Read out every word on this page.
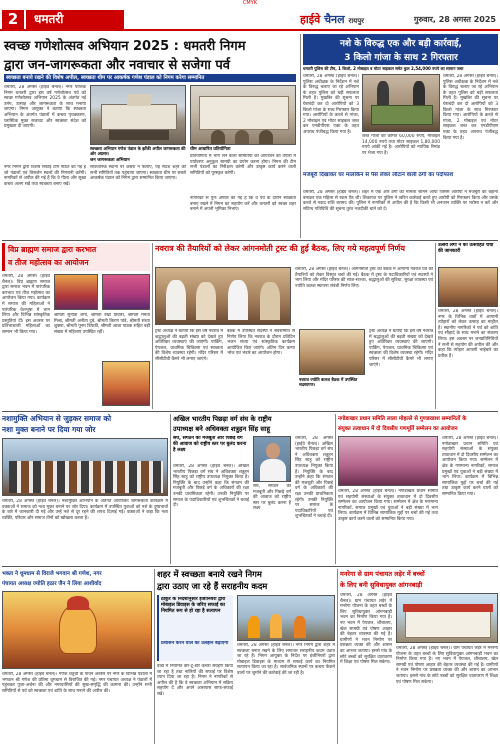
CMYK
2	धमतरी	हाईवे चैनल रायपुर	गुरुवार, 28 अगस्त 2025
स्वच्छ गणेशोत्सव अभियान 2025 : धमतरी निगम
द्वारा जन-जागरूकता और नवाचार से सजेगा पर्व
स्वच्छता बनाये रखने की विशेष अपील, स्वच्छता थीम पर आकर्षक गणेश पंडाल को निगम करेगा सम्मानित
धमतरी, 28 अगस्त (हाईवे चैनल)। नगर पालिक निगम धमतरी द्वारा इस वर्ष गणेशोत्सव पर्व को स्वच्छ गणेशोत्सव अभियान 2025 के अंतर्गत नई उमंग, उत्साह और जागरूकता के साथ मनाया जाएगा। निगम आयुक्त ने बताया कि स्वच्छता अभियान के अंतर्गत पंडालों में कचरा पृथक्करण, प्लास्टिक मुक्त सजावट और स्वच्छता संदेश को प्रमुखता दी जाएगी।
नगर निगम द्वारा विशेष सफाई टीमें गठित की गई हैं जो पंडालों एवं विसर्जन स्थलों की निगरानी करेंगी। नागरिकों से अपील की गई है कि वे गीला और सूखा कचरा अलग रखें तथा स्वच्छता बनाए रखें।
स्वच्छता अभियान गणेश पंडाल के झाँकी अपील जागरूकता की ओर अग्रसर।
जन जागरूकता अभियान
सार्वजनिक स्थानों पर कचरा न फैलाएं, यह संदेश शहर की सभी समितियों तक पहुंचाया जाएगा। स्वच्छता थीम पर सबसे आकर्षक पंडाल को निगम द्वारा सम्मानित किया जाएगा।
थीम आधारित प्रतियोगिता
प्रतियोगिता में भाग लेने वाली समितियों को आयोजन की तैयारी में पर्यावरण अनुकूल सामग्री का प्रयोग करना होगा। निगम की टीम सभी पंडालों का निरीक्षण करेगी और उत्कृष्ट कार्य करने वाली समितियों को पुरस्कृत करेगी।
नागरिकों से पुनः अपील की गई है कि वे पर्व के दौरान स्वच्छता बनाए रखने में निगम का सहयोग करें और धमतरी को स्वच्छ शहर बनाने में अपनी भूमिका निभाएं।
नशे के विरुद्ध एक और बड़ी कार्रवाई,
3 किलो गांजा के साथ 2 गिरफ्तार
धमतरी पुलिस की टीम, 1 किलो, 2 मोबाइल व मोटर साइकल समेत कुल 2,54,000 रुपये का सामान जब्त
धमतरी, 28 अगस्त (हाईवे चैनल)। पुलिस अधीक्षक के निर्देशन में नशे के विरुद्ध चलाए जा रहे अभियान के तहत पुलिस को बड़ी सफलता मिली है। मुखबिर की सूचना पर घेराबंदी कर दो आरोपियों को 3 किलो गांजा के साथ गिरफ्तार किया गया। आरोपियों के कब्जे से गांजा, 2 मोबाइल एवं मोटर साइकल जब्त कर एनडीपीएस एक्ट के तहत अपराध पंजीबद्ध किया गया है।
जब्त गांजा की कीमत 60,000 रुपये, मोबाइल 14,000 रुपये तथा मोटर साइकल 1,80,000 रुपये आंकी गई है। आरोपियों को न्यायिक रिमांड पर भेजा गया है।
धमतरी, 28 अगस्त (हाईवे चैनल)। पुलिस अधीक्षक के निर्देशन में नशे के विरुद्ध चलाए जा रहे अभियान के तहत पुलिस को बड़ी सफलता मिली है। मुखबिर की सूचना पर घेराबंदी कर दो आरोपियों को 3 किलो गांजा के साथ गिरफ्तार किया गया। आरोपियों के कब्जे से गांजा, 2 मोबाइल एवं मोटर साइकल जब्त कर एनडीपीएस एक्ट के तहत अपराध पंजीबद्ध किया गया है।
मजबूरी दिखाकर घर मालकिन से पैसे लेकर लौटाने वाली ठगी का पर्दाफाश
धमतरी, 28 अगस्त (हाईवे चैनल)। शहर में एक और ठगी का मामला सामने आया जिसमें आरोपी ने मजबूरी का बहाना बनाकर एक महिला से रकम ऐंठ ली। शिकायत पर पुलिस ने त्वरित कार्रवाई करते हुए आरोपी को गिरफ्तार किया और उसके कब्जे से नकद राशि बरामद की। पुलिस ने नागरिकों से अपील की है कि किसी भी अनजान व्यक्ति पर भरोसा न करें और संदिग्ध गतिविधि की सूचना तुरंत नजदीकी थाने को दें।
विप्र ब्राह्मण समाज द्वारा करभात
व तीज महोत्सव का आयोजन
धमतरी, 28 अगस्त (हाईवे चैनल)। विप्र ब्राह्मण समाज द्वारा समाज भवन में पारंपरिक करभात एवं तीज महोत्सव का आयोजन किया गया। कार्यक्रम में समाज की महिलाओं ने पारंपरिक वेशभूषा में भाग लिया और विभिन्न सांस्कृतिक प्रस्तुतियां दीं। इस अवसर पर प्रतिभाशाली महिलाओं का सम्मान भी किया गया।
श्रीमती सुनीता शर्मा, श्रीमती रेखा तिवारी, श्रीमती ममता मिश्रा, श्रीमती अनीता दुबे, श्रीमती किरण पांडे, श्रीमती संध्या शुक्ला, श्रीमती पूनम त्रिपाठी, श्रीमती आशा पाठक सहित बड़ी संख्या में महिलाएं उपस्थित रहीं।
नवरात्र की तैयारियों को लेकर आंगनमोती ट्रस्ट की हुई बैठक, लिए गये महत्वपूर्ण निर्णय
धमतरी, 28 अगस्त (हाईवे चैनल)। आंगनमोती ट्रस्ट की बैठक में आगामी नवरात्र पर्व की तैयारियों को लेकर विस्तृत चर्चा की गई। बैठक में ट्रस्ट के पदाधिकारियों एवं सदस्यों ने भाग लिया और मंदिर परिसर की साज-सज्जा, श्रद्धालुओं की सुविधा, सुरक्षा व्यवस्था एवं ज्योति कलश स्थापना संबंधी निर्णय लिए।
ट्रस्ट अध्यक्ष ने बताया कि इस वर्ष नवरात्र में श्रद्धालुओं की बढ़ती संख्या को देखते हुए अतिरिक्त व्यवस्थाएं की जाएंगी। पार्किंग, पेयजल, प्राथमिक चिकित्सा एवं स्वच्छता की विशेष व्यवस्था रहेगी। मंदिर परिसर में सीसीटीवी कैमरे भी लगाए जाएंगे।
बैठक में उपस्थित सदस्यों ने सर्वसम्मति से निर्णय लिया कि नवरात्र के दौरान प्रतिदिन भजन संध्या एवं सांस्कृतिक कार्यक्रम आयोजित किए जाएंगे। अंतिम दिन कन्या भोज एवं भंडारे का आयोजन होगा।
नवरात्र ज्योति कलश बैठक में उपस्थित सदस्यगण।
ट्रस्ट अध्यक्ष ने बताया कि इस वर्ष नवरात्र में श्रद्धालुओं की बढ़ती संख्या को देखते हुए अतिरिक्त व्यवस्थाएं की जाएंगी। पार्किंग, पेयजल, प्राथमिक चिकित्सा एवं स्वच्छता की विशेष व्यवस्था रहेगी। मंदिर परिसर में सीसीटीवी कैमरे भी लगाए जाएंगे।
उत्सव लेगों ने की उत्साहित चर्चा की जानकारी
धमतरी, 28 अगस्त (हाईवे चैनल)। नगर के विभिन्न वार्डों में आगामी त्योहारों को लेकर उत्साह का माहौल है। स्थानीय नागरिकों ने पर्व को शांति एवं सौहार्द के साथ मनाने का संकल्प लिया। इस अवसर पर जनप्रतिनिधियों ने सभी से सहयोग की अपील की और कहा कि त्योहार आपसी भाईचारे का प्रतीक हैं।
नशामुक्ति अभियान से जुड़कर समाज को
नशा मुक्त बनाने पर दिया गया जोर
धमतरी, 28 अगस्त (हाईवे चैनल)। नशामुक्ति अभियान के अंतर्गत आयोजित जागरूकता कार्यक्रम में वक्ताओं ने समाज को नशा मुक्त बनाने पर जोर दिया। कार्यक्रम में उपस्थित युवाओं को नशे के दुष्प्रभावों के बारे में जानकारी दी गई और उन्हें नशे से दूर रहने की शपथ दिलाई गई। वक्ताओं ने कहा कि नशा व्यक्ति, परिवार और समाज तीनों को खोखला करता है।
अखिल भारतीय पिछड़ा वर्ग संघ के राष्ट्रीय
उपाध्यक्ष बने अधिवक्ता शत्रुहन सिंह साहू
संघ, संगठन की मजबूती और पिछड़े वर्ग की आवाज को राष्ट्रीय स्तर पर बुलंद करना है लक्ष्य
धमतरी, 28 अगस्त (हाईवे चैनल)। अखिल भारतीय पिछड़ा वर्ग संघ ने अधिवक्ता शत्रुहन सिंह साहू को राष्ट्रीय उपाध्यक्ष नियुक्त किया है। नियुक्ति के बाद उन्होंने कहा कि संगठन की मजबूती और पिछड़े वर्ग के अधिकारों की रक्षा उनकी प्राथमिकता रहेगी। उनकी नियुक्ति पर समाज के पदाधिकारियों एवं शुभचिंतकों ने बधाई दी।
धमतरी, 28 अगस्त (हाईवे चैनल)। अखिल भारतीय पिछड़ा वर्ग संघ ने अधिवक्ता शत्रुहन सिंह साहू को राष्ट्रीय उपाध्यक्ष नियुक्त किया है। नियुक्ति के बाद उन्होंने कहा कि संगठन की मजबूती और पिछड़े वर्ग के अधिकारों की रक्षा उनकी प्राथमिकता रहेगी। उनकी नियुक्ति पर समाज के पदाधिकारियों एवं शुभचिंतकों ने बधाई दी।
संघ, संगठन की मजबूती और पिछड़े वर्ग की आवाज को राष्ट्रीय स्तर पर बुलंद करना है लक्ष्य
नगोडाखार प्रधान समिति लाला मोहल्ले से गुणडरडाश सम्मानितों के
संयुक्त तत्वाधान में दो दिवसीय गणमूर्ति सम्मेलन का आयोजन
धमतरी, 28 अगस्त (हाईवे चैनल)। नगोडाखार प्रधान समिति एवं सहयोगी संस्थाओं के संयुक्त तत्वाधान में दो दिवसीय सम्मेलन का आयोजन किया गया। सम्मेलन में क्षेत्र के गणमान्य नागरिकों, समाज प्रमुखों एवं युवाओं ने बड़ी संख्या में भाग लिया। कार्यक्रम में विभिन्न सामाजिक मुद्दों पर चर्चा की गई तथा उत्कृष्ट कार्य करने वालों को सम्मानित किया गया।
धमतरी, 28 अगस्त (हाईवे चैनल)। नगोडाखार प्रधान समिति एवं सहयोगी संस्थाओं के संयुक्त तत्वाधान में दो दिवसीय सम्मेलन का आयोजन किया गया। सम्मेलन में क्षेत्र के गणमान्य नागरिकों, समाज प्रमुखों एवं युवाओं ने बड़ी संख्या में भाग लिया। कार्यक्रम में विभिन्न सामाजिक मुद्दों पर चर्चा की गई तथा उत्कृष्ट कार्य करने वालों को सम्मानित किया गया।
भक्ता ने धूमधाम से विराजे भगवान श्री गणेश, नगर
पंचायत अध्यक्ष ज्योति हठार जैन ने लिया आशीर्वाद
धमतरी, 28 अगस्त (हाईवे चैनल)। गणेश चतुर्थी के पावन अवसर पर नगर के विभिन्न पंडालों में भगवान श्री गणेश की प्रतिमा धूमधाम से विराजित की गई। नगर पंचायत अध्यक्ष ने पंडालों में पहुंचकर पूजा-अर्चना की और नगरवासियों की सुख-समृद्धि की कामना की। उन्होंने सभी समितियों से पर्व को स्वच्छता एवं शांति के साथ मनाने की अपील की।
शहर में स्वच्छता बनाये रखने निगम
द्वारा उठाए जा रहे हैं सराहनीय कदम
ठाकुर के निर्देशानुसार इंजीनियरों द्वारा मोबाइल डिवाइस के जरिए सफाई का नियमित रूप से हो रहा है सत्यापन
प्रशासन करने वाले की उलझनें बढ़ाएगा	धमतरी, 28 अगस्त (हाईवे चैनल)। नगर निगम द्वारा शहर में स्वच्छता बनाए रखने के लिए लगातार सराहनीय कदम उठाए जा रहे हैं। निगम आयुक्त के निर्देश पर इंजीनियरों द्वारा मोबाइल डिवाइस के माध्यम से सफाई कार्य का नियमित सत्यापन किया जा रहा है। सार्वजनिक स्थानों पर कचरा फेंकने वालों पर जुर्माने की कार्रवाई की जा रही है।
वार्डों में नियमित डोर-टू-डोर कचरा संग्रहण किया जा रहा है तथा नालियों की सफाई पर विशेष ध्यान दिया जा रहा है। निगम ने नागरिकों से अपील की है कि वे स्वच्छता अभियान में सक्रिय सहयोग दें और अपने आसपास साफ-सफाई रखें।
मनरेगा से ग्राम पंचायत लड़ेर में बच्चों
के लिए बनी सुविधायुक्त आंगनबाड़ी
धमतरी, 28 अगस्त (हाईवे चैनल)। ग्राम पंचायत लड़ेर में मनरेगा योजना के तहत बच्चों के लिए सुविधायुक्त आंगनबाड़ी भवन का निर्माण किया गया है। नए भवन में पेयजल, शौचालय, खेल सामग्री एवं पोषण आहार की बेहतर व्यवस्था की गई है। ग्रामीणों ने भवन निर्माण पर प्रसन्नता व्यक्त की और शासन का आभार जताया। इससे गांव के छोटे बच्चों को सुरक्षित वातावरण में शिक्षा एवं पोषण मिल सकेगा।
धमतरी, 28 अगस्त (हाईवे चैनल)। ग्राम पंचायत लड़ेर में मनरेगा योजना के तहत बच्चों के लिए सुविधायुक्त आंगनबाड़ी भवन का निर्माण किया गया है। नए भवन में पेयजल, शौचालय, खेल सामग्री एवं पोषण आहार की बेहतर व्यवस्था की गई है। ग्रामीणों ने भवन निर्माण पर प्रसन्नता व्यक्त की और शासन का आभार जताया। इससे गांव के छोटे बच्चों को सुरक्षित वातावरण में शिक्षा एवं पोषण मिल सकेगा।
